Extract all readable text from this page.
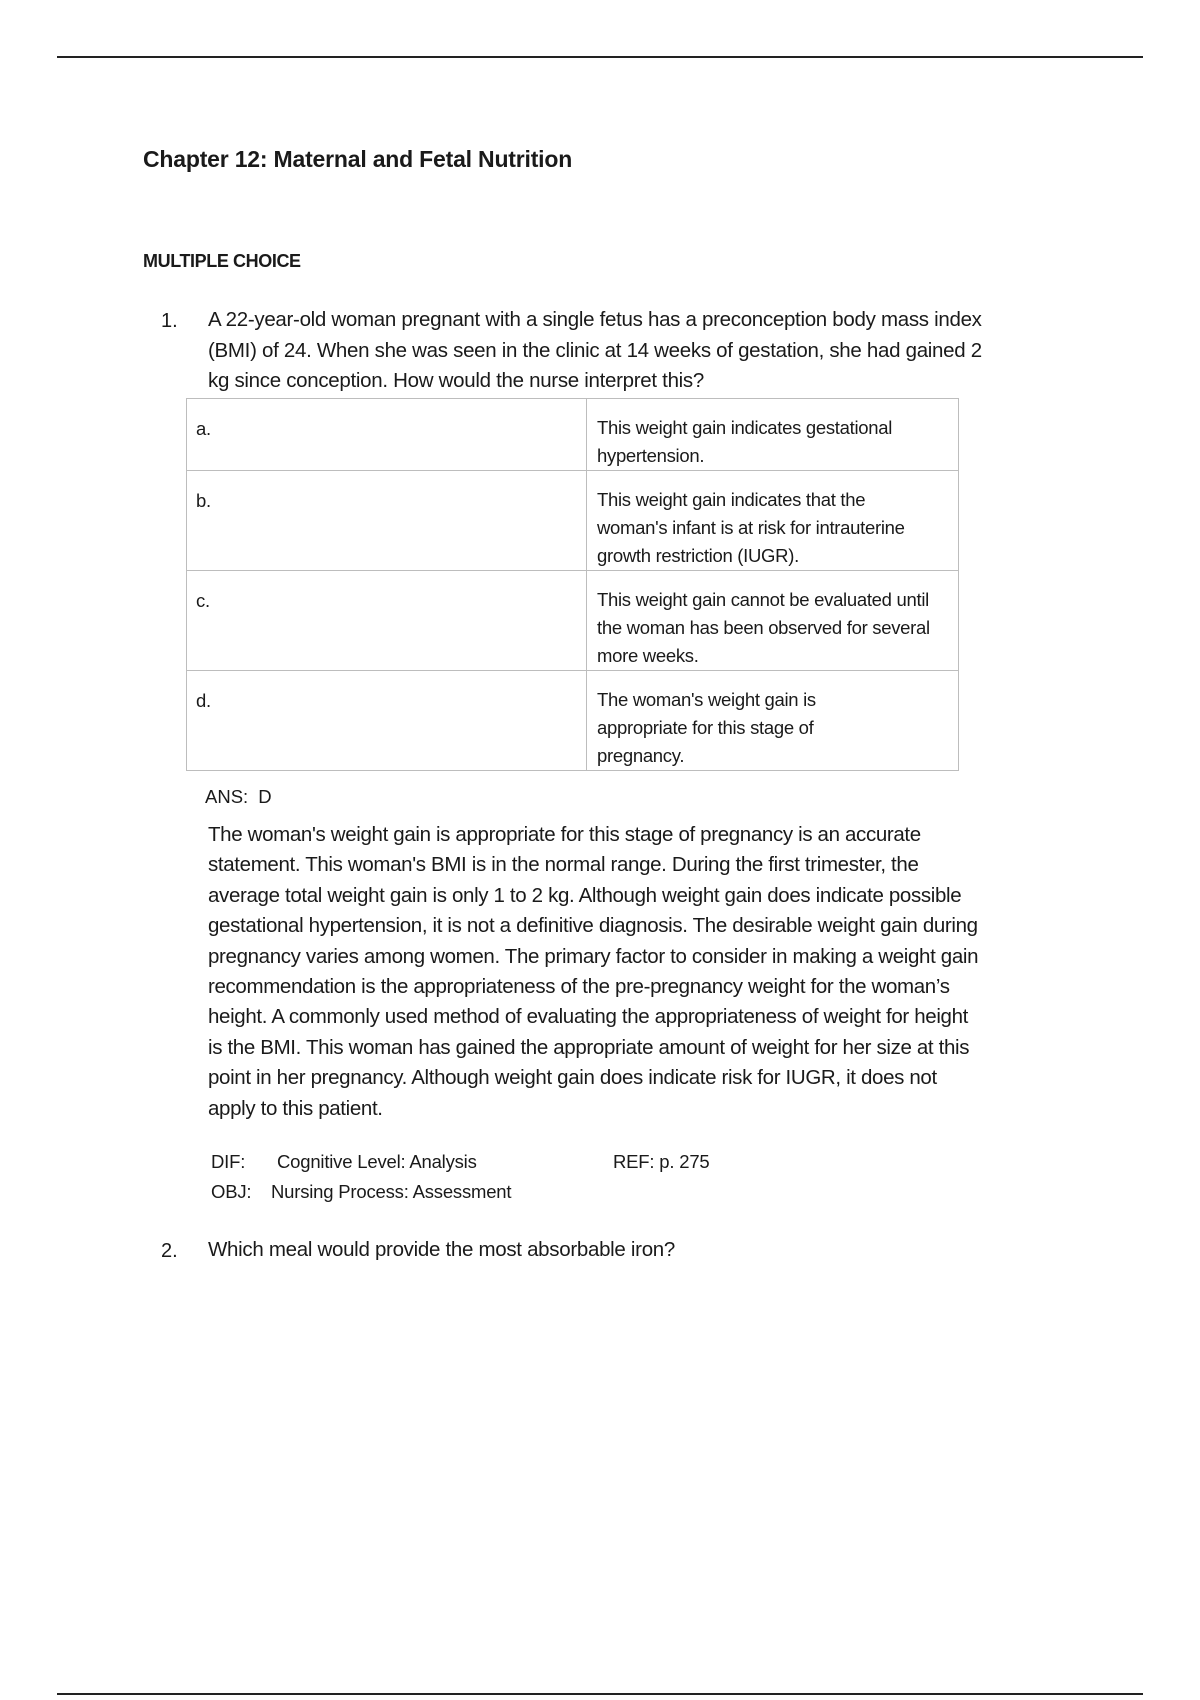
Chapter 12: Maternal and Fetal Nutrition
MULTIPLE CHOICE
1. A 22-year-old woman pregnant with a single fetus has a preconception body mass index
(BMI) of 24. When she was seen in the clinic at 14 weeks of gestation, she had gained 2
kg since conception. How would the nurse interpret this?
a.	This weight gain indicates gestational
hypertension.

b.	This weight gain indicates that the
woman's infant is at risk for intrauterine
growth restriction (IUGR).

c.	This weight gain cannot be evaluated until
the woman has been observed for several
more weeks.

d.	The woman's weight gain is
appropriate for this stage of
pregnancy.
ANS: D
The woman's weight gain is appropriate for this stage of pregnancy is an accurate
statement. This woman's BMI is in the normal range. During the first trimester, the
average total weight gain is only 1 to 2 kg. Although weight gain does indicate possible
gestational hypertension, it is not a definitive diagnosis. The desirable weight gain during
pregnancy varies among women. The primary factor to consider in making a weight gain
recommendation is the appropriateness of the pre-pregnancy weight for the woman’s
height. A commonly used method of evaluating the appropriateness of weight for height
is the BMI. This woman has gained the appropriate amount of weight for her size at this
point in her pregnancy. Although weight gain does indicate risk for IUGR, it does not
apply to this patient.
DIF: Cognitive Level: Analysis	REF: p. 275
OBJ: Nursing Process: Assessment
2. Which meal would provide the most absorbable iron?
